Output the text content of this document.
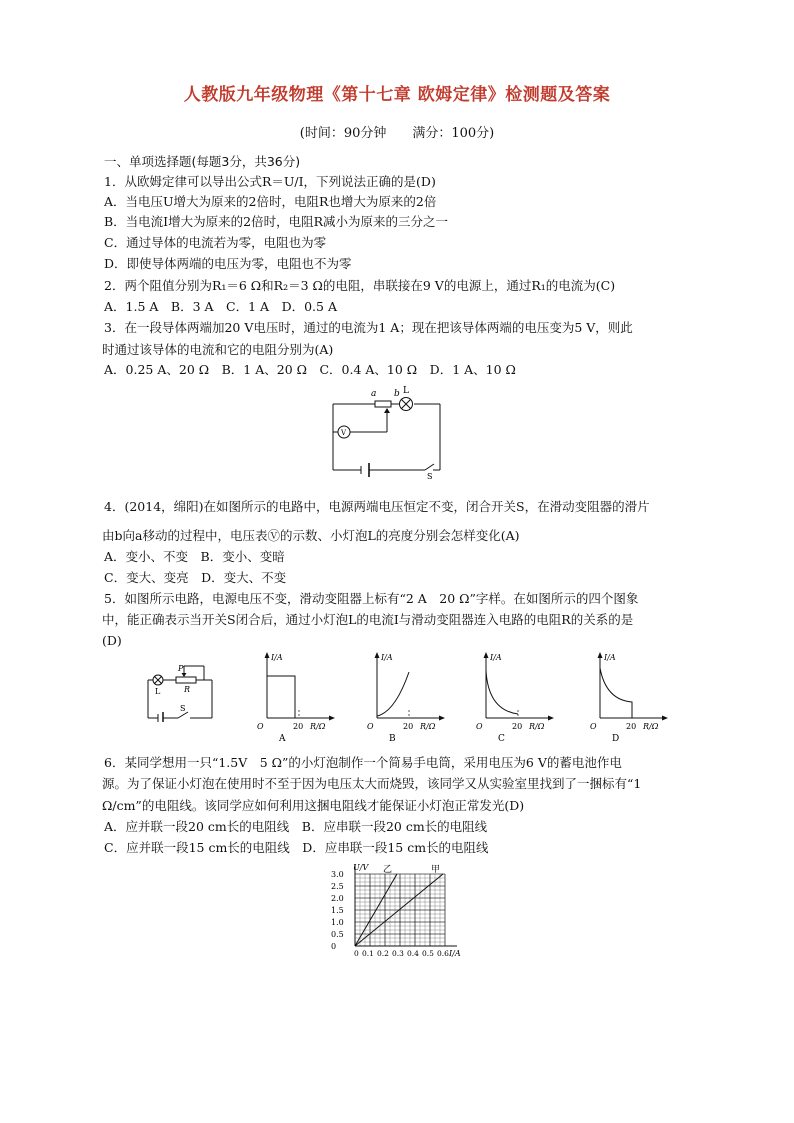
人教版九年级物理《第十七章 欧姆定律》检测题及答案
(时间：90分钟　　满分：100分)
一、单项选择题(每题3分，共36分)
1．从欧姆定律可以导出公式R＝U/I，下列说法正确的是(D)
A．当电压U增大为原来的2倍时，电阻R也增大为原来的2倍
B．当电流I增大为原来的2倍时，电阻R减小为原来的三分之一
C．通过导体的电流若为零，电阻也为零
D．即使导体两端的电压为零，电阻也不为零
2．两个阻值分别为R₁＝6 Ω和R₂＝3 Ω的电阻，串联接在9 V的电源上，通过R₁的电流为(C)
A．1.5 A　B．3 A　C．1 A　D．0.5 A
3．在一段导体两端加20 V电压时，通过的电流为1 A；现在把该导体两端的电压变为5 V，则此
时通过该导体的电流和它的电阻分别为(A)
A．0.25 A、20 Ω　B．1 A、20 Ω　C．0.4 A、10 Ω　D．1 A、10 Ω
a b L
V
S
4．(2014，绵阳)在如图所示的电路中，电源两端电压恒定不变，闭合开关S，在滑动变阻器的滑片
由b向a移动的过程中，电压表Ⓥ的示数、小灯泡L的亮度分别会怎样变化(A)
A．变小、不变　B．变小、变暗
C．变大、变亮　D．变大、不变
5．如图所示电路，电源电压不变，滑动变阻器上标有“2 A　20 Ω”字样。在如图所示的四个图象
中，能正确表示当开关S闭合后，通过小灯泡L的电流I与滑动变阻器连入电路的电阻R的关系的是
(D)
P
R
L
S
I/A
R/Ω
O	20
A
I/A
R/Ω
O	20
B
I/A
R/Ω
O	20
C
I/A
R/Ω
O	20
D
6．某同学想用一只“1.5V　5 Ω”的小灯泡制作一个简易手电筒，采用电压为6 V的蓄电池作电
源。为了保证小灯泡在使用时不至于因为电压太大而烧毁，该同学又从实验室里找到了一捆标有“1
Ω/cm”的电阻线。该同学应如何利用这捆电阻线才能保证小灯泡正常发光(D)
A．应并联一段20 cm长的电阻线　B．应串联一段20 cm长的电阻线
C．应并联一段15 cm长的电阻线　D．应串联一段15 cm长的电阻线
U/V
I/A
乙	甲
3.0
2.5
2.0
1.5
1.0
0.5
0
0 0.1 0.2 0.3 0.4 0.5 0.6
